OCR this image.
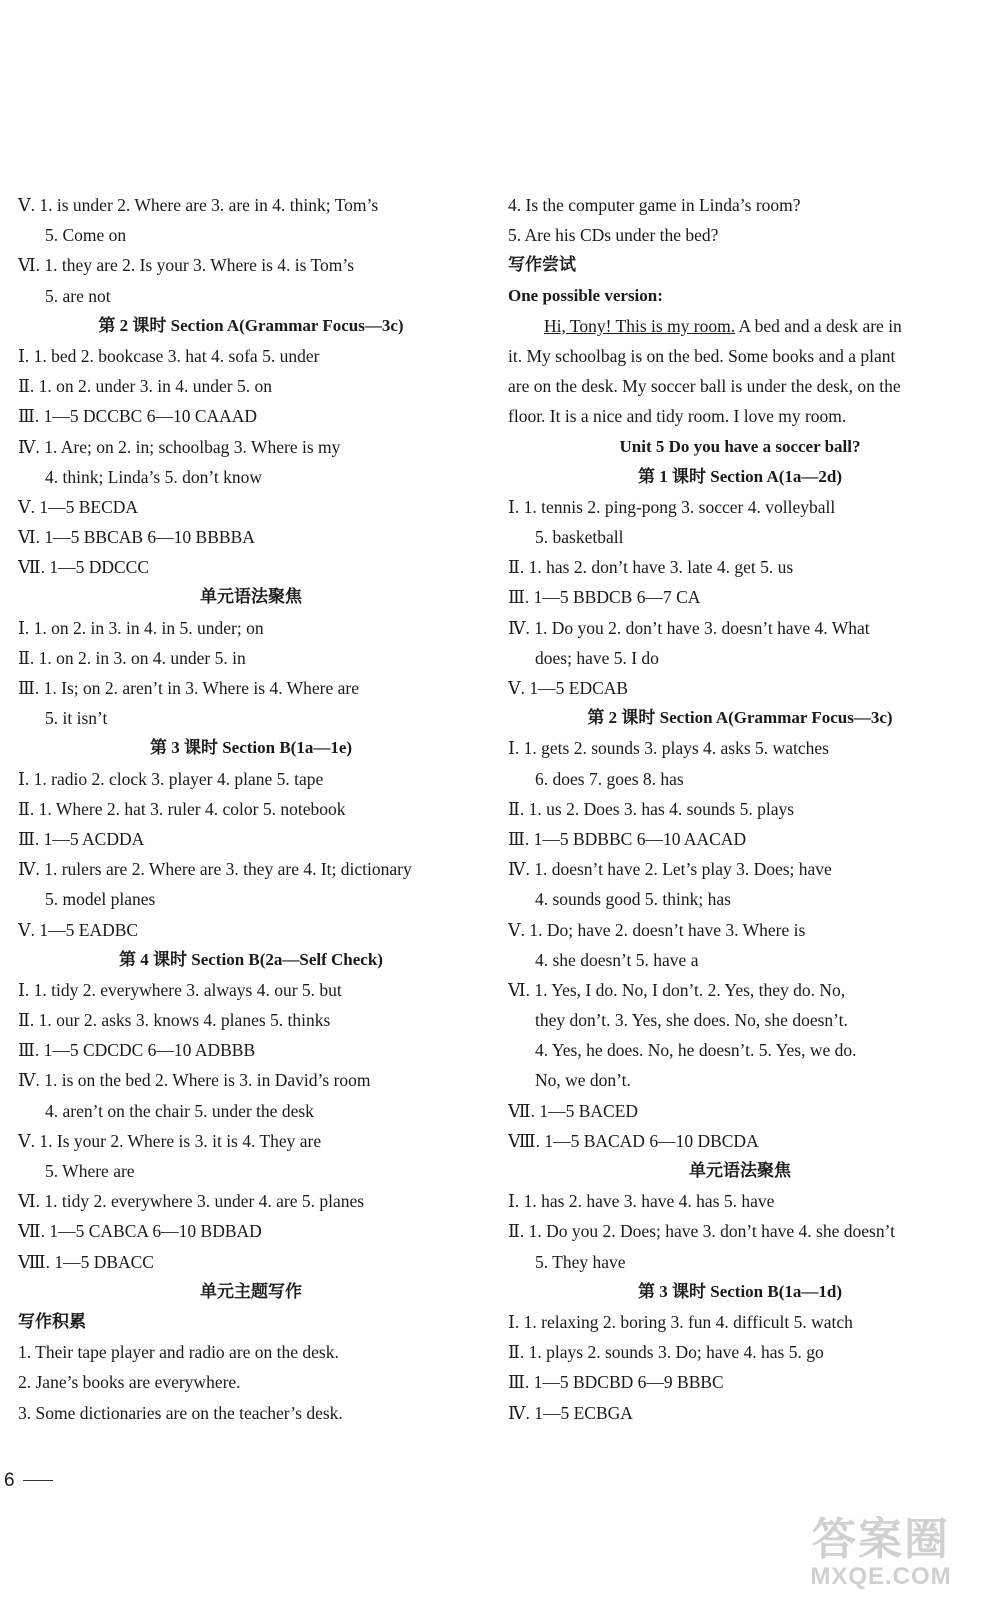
Ⅴ. 1. is under 2. Where are 3. are in 4. think; Tom’s
5. Come on
Ⅵ. 1. they are 2. Is your 3. Where is 4. is Tom’s
5. are not
第 2 课时 Section A(Grammar Focus—3c)
Ⅰ. 1. bed 2. bookcase 3. hat 4. sofa 5. under
Ⅱ. 1. on 2. under 3. in 4. under 5. on
Ⅲ. 1—5 DCCBC 6—10 CAAAD
Ⅳ. 1. Are; on 2. in; schoolbag 3. Where is my
4. think; Linda’s 5. don’t know
Ⅴ. 1—5 BECDA
Ⅵ. 1—5 BBCAB 6—10 BBBBA
Ⅶ. 1—5 DDCCC
单元语法聚焦
Ⅰ. 1. on 2. in 3. in 4. in 5. under; on
Ⅱ. 1. on 2. in 3. on 4. under 5. in
Ⅲ. 1. Is; on 2. aren’t in 3. Where is 4. Where are
5. it isn’t
第 3 课时 Section B(1a—1e)
Ⅰ. 1. radio 2. clock 3. player 4. plane 5. tape
Ⅱ. 1. Where 2. hat 3. ruler 4. color 5. notebook
Ⅲ. 1—5 ACDDA
Ⅳ. 1. rulers are 2. Where are 3. they are 4. It; dictionary
5. model planes
Ⅴ. 1—5 EADBC
第 4 课时 Section B(2a—Self Check)
Ⅰ. 1. tidy 2. everywhere 3. always 4. our 5. but
Ⅱ. 1. our 2. asks 3. knows 4. planes 5. thinks
Ⅲ. 1—5 CDCDC 6—10 ADBBB
Ⅳ. 1. is on the bed 2. Where is 3. in David’s room
4. aren’t on the chair 5. under the desk
Ⅴ. 1. Is your 2. Where is 3. it is 4. They are
5. Where are
Ⅵ. 1. tidy 2. everywhere 3. under 4. are 5. planes
Ⅶ. 1—5 CABCA 6—10 BDBAD
Ⅷ. 1—5 DBACC
单元主题写作
写作积累
1. Their tape player and radio are on the desk.
2. Jane’s books are everywhere.
3. Some dictionaries are on the teacher’s desk.
4. Is the computer game in Linda’s room?
5. Are his CDs under the bed?
写作尝试
One possible version:
Hi, Tony! This is my room. A bed and a desk are in
it. My schoolbag is on the bed. Some books and a plant
are on the desk. My soccer ball is under the desk, on the
floor. It is a nice and tidy room. I love my room.
Unit 5 Do you have a soccer ball?
第 1 课时 Section A(1a—2d)
Ⅰ. 1. tennis 2. ping-pong 3. soccer 4. volleyball
5. basketball
Ⅱ. 1. has 2. don’t have 3. late 4. get 5. us
Ⅲ. 1—5 BBDCB 6—7 CA
Ⅳ. 1. Do you 2. don’t have 3. doesn’t have 4. What
does; have 5. I do
Ⅴ. 1—5 EDCAB
第 2 课时 Section A(Grammar Focus—3c)
Ⅰ. 1. gets 2. sounds 3. plays 4. asks 5. watches
6. does 7. goes 8. has
Ⅱ. 1. us 2. Does 3. has 4. sounds 5. plays
Ⅲ. 1—5 BDBBC 6—10 AACAD
Ⅳ. 1. doesn’t have 2. Let’s play 3. Does; have
4. sounds good 5. think; has
Ⅴ. 1. Do; have 2. doesn’t have 3. Where is
4. she doesn’t 5. have a
Ⅵ. 1. Yes, I do. No, I don’t. 2. Yes, they do. No,
they don’t. 3. Yes, she does. No, she doesn’t.
4. Yes, he does. No, he doesn’t. 5. Yes, we do.
No, we don’t.
Ⅶ. 1—5 BACED
Ⅷ. 1—5 BACAD 6—10 DBCDA
单元语法聚焦
Ⅰ. 1. has 2. have 3. have 4. has 5. have
Ⅱ. 1. Do you 2. Does; have 3. don’t have 4. she doesn’t
5. They have
第 3 课时 Section B(1a—1d)
Ⅰ. 1. relaxing 2. boring 3. fun 4. difficult 5. watch
Ⅱ. 1. plays 2. sounds 3. Do; have 4. has 5. go
Ⅲ. 1—5 BDCBD 6—9 BBBC
Ⅳ. 1—5 ECBGA
6
答案圈
MXQE.COM
